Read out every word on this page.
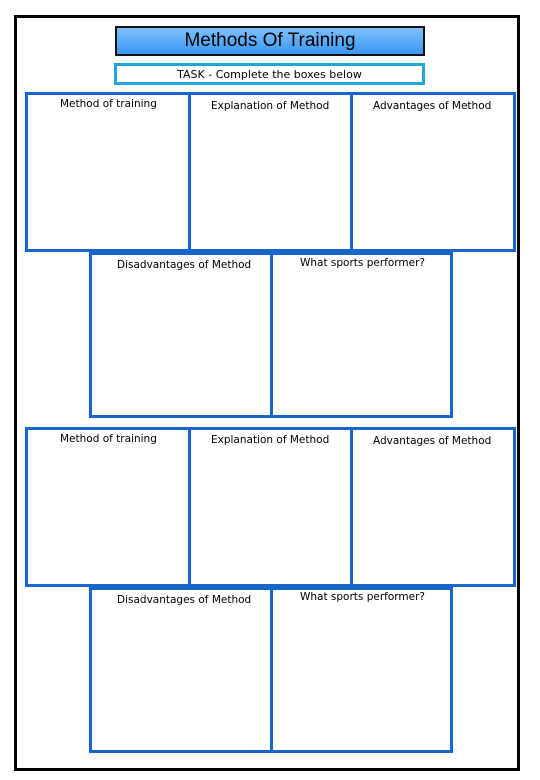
Methods Of Training
TASK - Complete the boxes below
Method of training	Explanation of Method	Advantages of Method
Disadvantages of Method	What sports performer?
Method of training	Explanation of Method	Advantages of Method
Disadvantages of Method	What sports performer?
